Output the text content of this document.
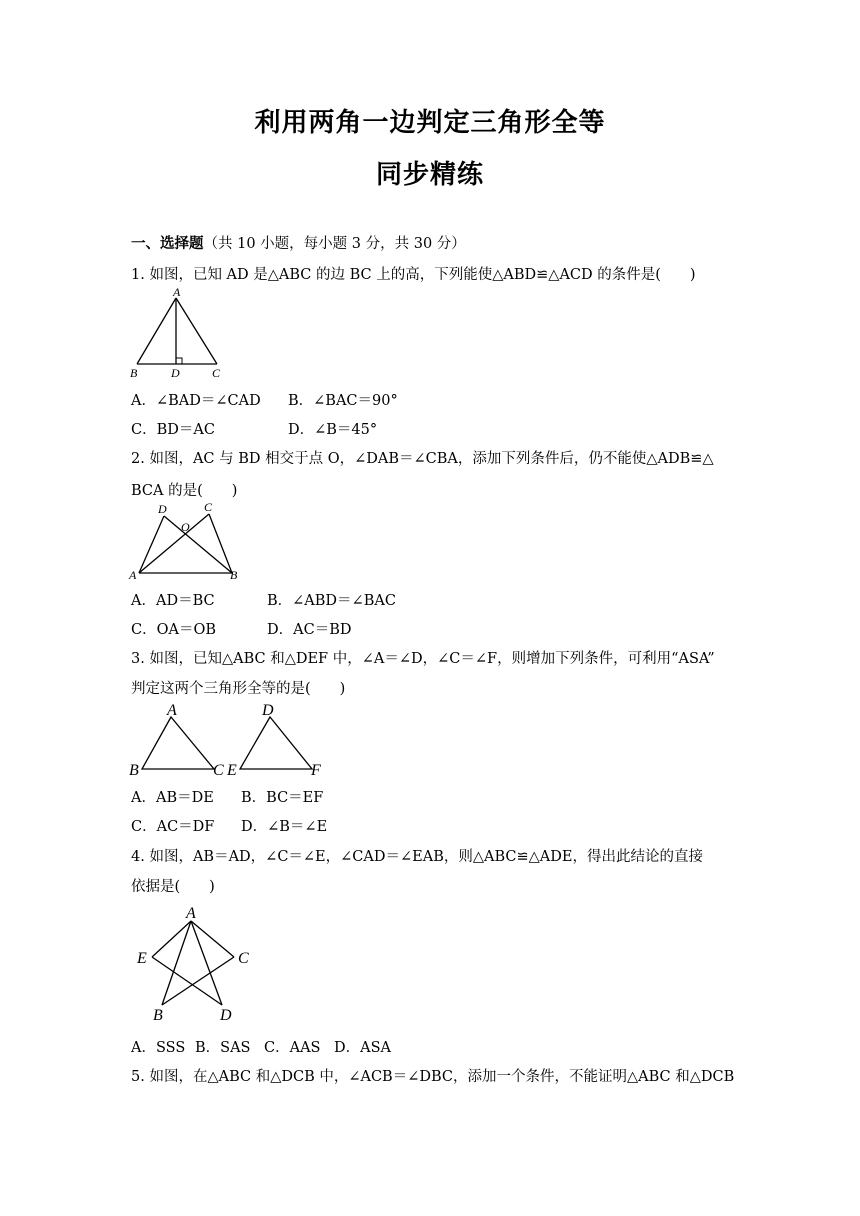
利用两角一边判定三角形全等
同步精练
一、选择题（共 10 小题，每小题 3 分，共 30 分）
1. 如图，已知 AD 是△ABC 的边 BC 上的高，下列能使△ABD≌△ACD 的条件是(　　)
A
B	D	C
A．∠BAD＝∠CAD B．∠BAC＝90°
C．BD＝AC	D．∠B＝45°
2. 如图，AC 与 BD 相交于点 O，∠DAB＝∠CBA，添加下列条件后，仍不能使△ADB≌△
BCA 的是(　　)
D	C
O
A	B
A．AD＝BC	B．∠ABD＝∠BAC
C．OA＝OB	D．AC＝BD
3. 如图，已知△ABC 和△DEF 中，∠A＝∠D，∠C＝∠F，则增加下列条件，可利用“ASA”
判定这两个三角形全等的是(　　)
A
B	C
D
E	F
A．AB＝DE B．BC＝EF
C．AC＝DF D．∠B＝∠E
4. 如图，AB＝AD，∠C＝∠E，∠CAD＝∠EAB，则△ABC≌△ADE，得出此结论的直接
依据是(　　)
A
E	C
B	D
A．SSS B．SAS C．AAS D．ASA
5. 如图，在△ABC 和△DCB 中，∠ACB＝∠DBC，添加一个条件，不能证明△ABC 和△DCB
